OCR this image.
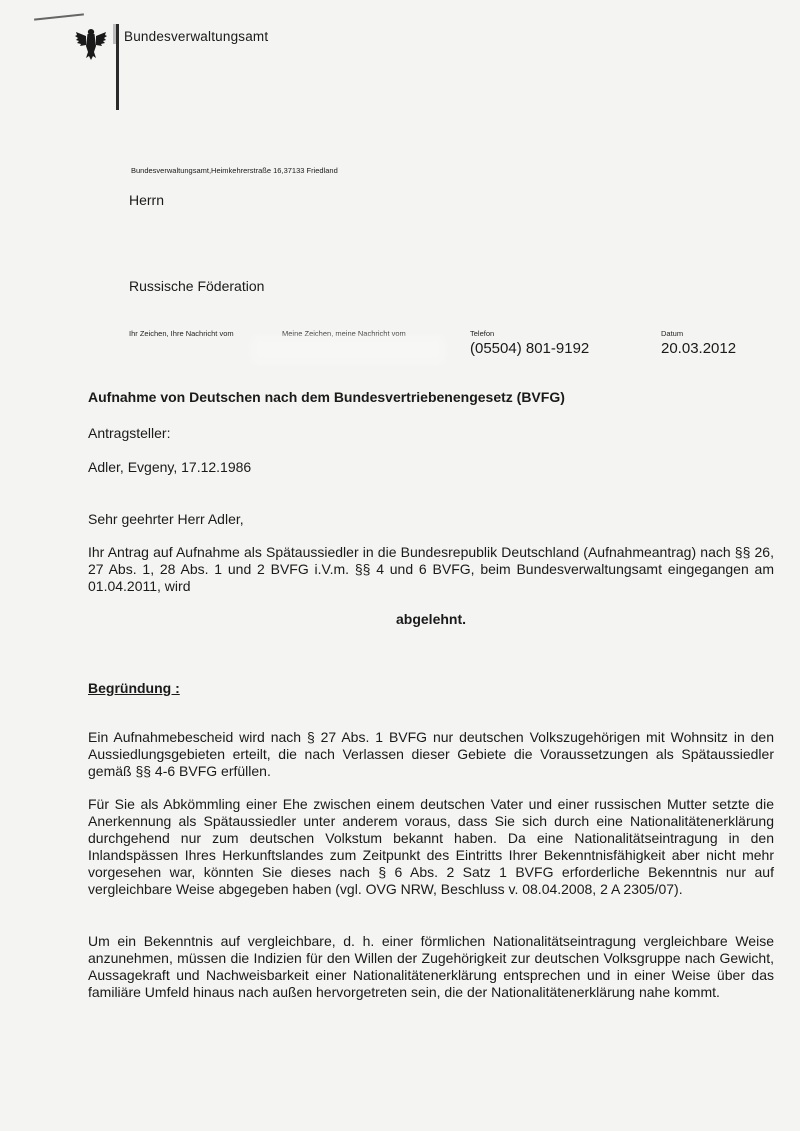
Bundesverwaltungsamt
Bundesverwaltungsamt,Heimkehrerstraße 16,37133 Friedland
Herrn
Russische Föderation
Ihr Zeichen, Ihre Nachricht vom	Meine Zeichen, meine Nachricht vom	Telefon
(05504) 801-9192
Datum
20.03.2012
Aufnahme von Deutschen nach dem Bundesvertriebenengesetz (BVFG)
Antragsteller:
Adler, Evgeny, 17.12.1986
Sehr geehrter Herr Adler,
Ihr Antrag auf Aufnahme als Spätaussiedler in die Bundesrepublik Deutschland (Aufnahmeantrag) nach §§ 26, 27 Abs. 1, 28 Abs. 1 und 2 BVFG i.V.m. §§ 4 und 6 BVFG, beim Bundesverwaltungsamt eingegangen am 01.04.2011, wird
abgelehnt.
Begründung :
Ein Aufnahmebescheid wird nach § 27 Abs. 1 BVFG nur deutschen Volkszugehörigen mit Wohnsitz in den Aussiedlungsgebieten erteilt, die nach Verlassen dieser Gebiete die Voraussetzungen als Spätaussiedler gemäß §§ 4-6 BVFG erfüllen.
Für Sie als Abkömmling einer Ehe zwischen einem deutschen Vater und einer russischen Mutter setzte die Anerkennung als Spätaussiedler unter anderem voraus, dass Sie sich durch eine Nationalitätenerklärung durchgehend nur zum deutschen Volkstum bekannt haben. Da eine Nationalitätseintragung in den Inlandspässen Ihres Herkunftslandes zum Zeitpunkt des Eintritts Ihrer Bekenntnisfähigkeit aber nicht mehr vorgesehen war, könnten Sie dieses nach § 6 Abs. 2 Satz 1 BVFG erforderliche Bekenntnis nur auf vergleichbare Weise abgegeben haben (vgl. OVG NRW, Beschluss v. 08.04.2008, 2 A 2305/07).
Um ein Bekenntnis auf vergleichbare, d. h. einer förmlichen Nationalitätseintragung vergleichbare Weise anzunehmen, müssen die Indizien für den Willen der Zugehörigkeit zur deutschen Volksgruppe nach Gewicht, Aussagekraft und Nachweisbarkeit einer Nationalitätenerklärung entsprechen und in einer Weise über das familiäre Umfeld hinaus nach außen hervorgetreten sein, die der Nationalitätenerklärung nahe kommt.
